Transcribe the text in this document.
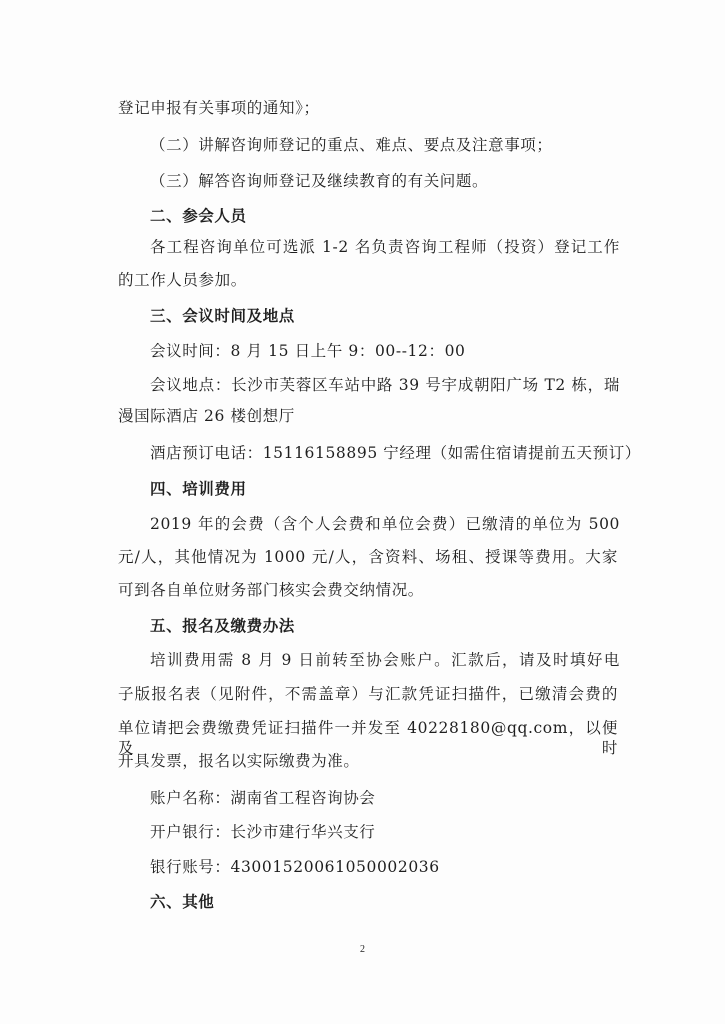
登记申报有关事项的通知》；
（二）讲解咨询师登记的重点、难点、要点及注意事项；
（三）解答咨询师登记及继续教育的有关问题。
二、参会人员
各工程咨询单位可选派 1-2 名负责咨询工程师（投资）登记工作
的工作人员参加。
三、会议时间及地点
会议时间：8 月 15 日上午 9：00--12：00
会议地点：长沙市芙蓉区车站中路 39 号宇成朝阳广场 T2 栋，瑞
漫国际酒店 26 楼创想厅
酒店预订电话：15116158895 宁经理（如需住宿请提前五天预订）
四、培训费用
2019 年的会费（含个人会费和单位会费）已缴清的单位为 500
元/人，其他情况为 1000 元/人，含资料、场租、授课等费用。大家
可到各自单位财务部门核实会费交纳情况。
五、报名及缴费办法
培训费用需 8 月 9 日前转至协会账户。汇款后，请及时填好电
子版报名表（见附件，不需盖章）与汇款凭证扫描件，已缴清会费的
单位请把会费缴费凭证扫描件一并发至 40228180@qq.com，以便及时
开具发票，报名以实际缴费为准。
账户名称：湖南省工程咨询协会
开户银行：长沙市建行华兴支行
银行账号：43001520061050002036
六、其他
2
